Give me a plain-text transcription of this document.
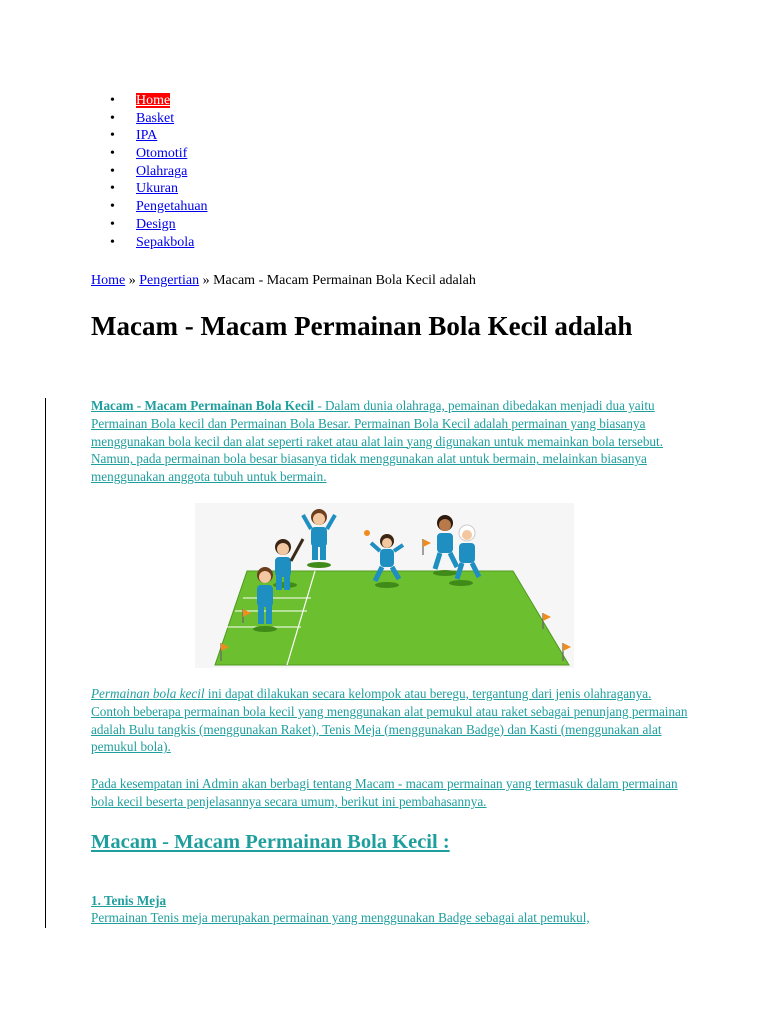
• Home
• Basket
• IPA
• Otomotif
• Olahraga
• Ukuran
• Pengetahuan
• Design
• Sepakbola
Home » Pengertian » Macam - Macam Permainan Bola Kecil adalah
Macam - Macam Permainan Bola Kecil adalah

Macam - Macam Permainan Bola Kecil - Dalam dunia olahraga, pemainan dibedakan menjadi dua yaitu Permainan Bola kecil dan Permainan Bola Besar. Permainan Bola Kecil adalah permainan yang biasanya menggunakan bola kecil dan alat seperti raket atau alat lain yang digunakan untuk memainkan bola tersebut. Namun, pada permainan bola besar biasanya tidak menggunakan alat untuk bermain, melainkan biasanya menggunakan anggota tubuh untuk bermain.

Permainan bola kecil ini dapat dilakukan secara kelompok atau beregu, tergantung dari jenis olahraganya. Contoh beberapa permainan bola kecil yang menggunakan alat pemukul atau raket sebagai penunjang permainan adalah Bulu tangkis (menggunakan Raket), Tenis Meja (menggunakan Badge) dan Kasti (menggunakan alat pemukul bola).

Pada kesempatan ini Admin akan berbagi tentang Macam - macam permainan yang termasuk dalam permainan bola kecil beserta penjelasannya secara umum, berikut ini pembahasannya.

Macam - Macam Permainan Bola Kecil :
1. Tenis Meja

Permainan Tenis meja merupakan permainan yang menggunakan Badge sebagai alat pemukul,
